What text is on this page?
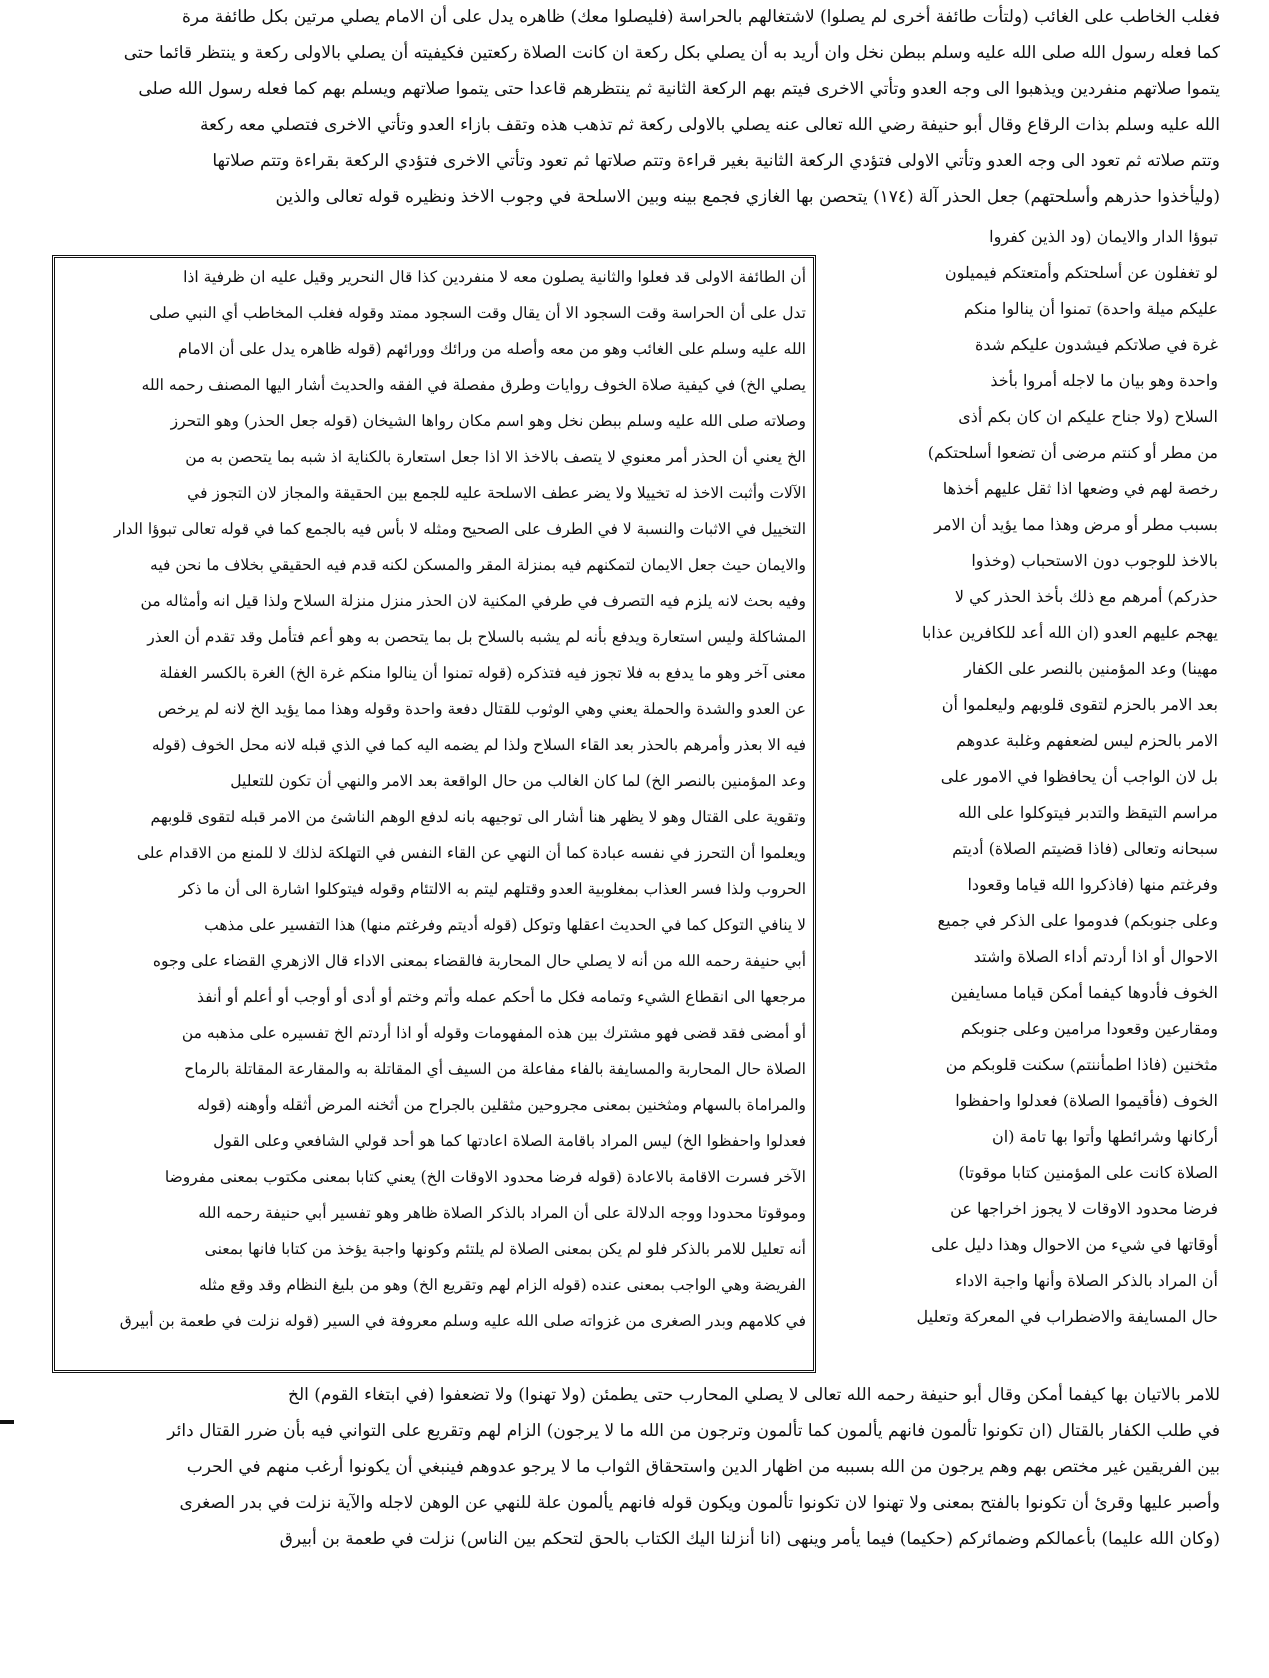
فغلب الخاطب على الغائب (ولتأت طائفة أخرى لم يصلوا) لاشتغالهم بالحراسة (فليصلوا معك) ظاهره يدل على أن الامام يصلي مرتين بكل طائفة مرة
كما فعله رسول الله صلى الله عليه وسلم ببطن نخل وان أريد به أن يصلي بكل ركعة ان كانت الصلاة ركعتين فكيفيته أن يصلي بالاولى ركعة و ينتظر قائما حتى
يتموا صلاتهم منفردين ويذهبوا الى وجه العدو وتأتي الاخرى فيتم بهم الركعة الثانية ثم ينتظرهم قاعدا حتى يتموا صلاتهم ويسلم بهم كما فعله رسول الله صلى
الله عليه وسلم بذات الرقاع وقال أبو حنيفة رضي الله تعالى عنه يصلي بالاولى ركعة ثم تذهب هذه وتقف بازاء العدو وتأتي الاخرى فتصلي معه ركعة
وتتم صلاته ثم تعود الى وجه العدو وتأتي الاولى فتؤدي الركعة الثانية بغير قراءة وتتم صلاتها ثم تعود وتأتي الاخرى فتؤدي الركعة بقراءة وتتم صلاتها
(وليأخذوا حذرهم وأسلحتهم) جعل الحذر آلة (١٧٤) يتحصن بها الغازي فجمع بينه وبين الاسلحة في وجوب الاخذ ونظيره قوله تعالى والذين
تبوؤا الدار والايمان (ود الذين كفروا
لو تغفلون عن أسلحتكم وأمتعتكم فيميلون
عليكم ميلة واحدة) تمنوا أن ينالوا منكم
غرة في صلاتكم فيشدون عليكم شدة
واحدة وهو بيان ما لاجله أمروا بأخذ
السلاح (ولا جناح عليكم ان كان بكم أذى
من مطر أو كنتم مرضى أن تضعوا أسلحتكم)
رخصة لهم في وضعها اذا ثقل عليهم أخذها
بسبب مطر أو مرض وهذا مما يؤيد أن الامر
بالاخذ للوجوب دون الاستحباب (وخذوا
حذركم) أمرهم مع ذلك بأخذ الحذر كي لا
يهجم عليهم العدو (ان الله أعد للكافرين عذابا
مهينا) وعد المؤمنين بالنصر على الكفار
بعد الامر بالحزم لتقوى قلوبهم وليعلموا أن
الامر بالحزم ليس لضعفهم وغلبة عدوهم
بل لان الواجب أن يحافظوا في الامور على
مراسم التيقظ والتدبر فيتوكلوا على الله
سبحانه وتعالى (فاذا قضيتم الصلاة) أديتم
وفرغتم منها (فاذكروا الله قياما وقعودا
وعلى جنوبكم) فدوموا على الذكر في جميع
الاحوال أو اذا أردتم أداء الصلاة واشتد
الخوف فأدوها كيفما أمكن قياما مسايفين
ومقارعين وقعودا مرامين وعلى جنوبكم
مثخنين (فاذا اطمأننتم) سكنت قلوبكم من
الخوف (فأقيموا الصلاة) فعدلوا واحفظوا
أركانها وشرائطها وأتوا بها تامة (ان
الصلاة كانت على المؤمنين كتابا موقوتا)
فرضا محدود الاوقات لا يجوز اخراجها عن
أوقاتها في شيء من الاحوال وهذا دليل على
أن المراد بالذكر الصلاة وأنها واجبة الاداء
حال المسايفة والاضطراب في المعركة وتعليل
أن الطائفة الاولى قد فعلوا والثانية يصلون معه لا منفردين كذا قال النحرير وقيل عليه ان ظرفية اذا
تدل على أن الحراسة وقت السجود الا أن يقال وقت السجود ممتد وقوله فغلب المخاطب أي النبي صلى
الله عليه وسلم على الغائب وهو من معه وأصله من ورائك وورائهم (قوله ظاهره يدل على أن الامام
يصلي الخ) في كيفية صلاة الخوف روايات وطرق مفصلة في الفقه والحديث أشار اليها المصنف رحمه الله
وصلاته صلى الله عليه وسلم ببطن نخل وهو اسم مكان رواها الشيخان (قوله جعل الحذر) وهو التحرز
الخ يعني أن الحذر أمر معنوي لا يتصف بالاخذ الا اذا جعل استعارة بالكناية اذ شبه بما يتحصن به من
الآلات وأثبت الاخذ له تخييلا ولا يضر عطف الاسلحة عليه للجمع بين الحقيقة والمجاز لان التجوز في
التخييل في الاثبات والنسبة لا في الطرف على الصحيح ومثله لا بأس فيه بالجمع كما في قوله تعالى تبوؤا الدار
والايمان حيث جعل الايمان لتمكنهم فيه بمنزلة المقر والمسكن لكنه قدم فيه الحقيقي بخلاف ما نحن فيه
وفيه بحث لانه يلزم فيه التصرف في طرفي المكنية لان الحذر منزل منزلة السلاح ولذا قيل انه وأمثاله من
المشاكلة وليس استعارة ويدفع بأنه لم يشبه بالسلاح بل بما يتحصن به وهو أعم فتأمل وقد تقدم أن العذر
معنى آخر وهو ما يدفع به فلا تجوز فيه فتذكره (قوله تمنوا أن ينالوا منكم غرة الخ) الغرة بالكسر الغفلة
عن العدو والشدة والحملة يعني وهي الوثوب للقتال دفعة واحدة وقوله وهذا مما يؤيد الخ لانه لم يرخص
فيه الا بعذر وأمرهم بالحذر بعد القاء السلاح ولذا لم يضمه اليه كما في الذي قبله لانه محل الخوف (قوله
وعد المؤمنين بالنصر الخ) لما كان الغالب من حال الواقعة بعد الامر والنهي أن تكون للتعليل
وتقوية على القتال وهو لا يظهر هنا أشار الى توجيهه بانه لدفع الوهم الناشئ من الامر قبله لتقوى قلوبهم
ويعلموا أن التحرز في نفسه عبادة كما أن النهي عن القاء النفس في التهلكة لذلك لا للمنع من الاقدام على
الحروب ولذا فسر العذاب بمغلوبية العدو وقتلهم ليتم به الالتئام وقوله فيتوكلوا اشارة الى أن ما ذكر
لا ينافي التوكل كما في الحديث اعقلها وتوكل (قوله أديتم وفرغتم منها) هذا التفسير على مذهب
أبي حنيفة رحمه الله من أنه لا يصلي حال المحاربة فالقضاء بمعنى الاداء قال الازهري القضاء على وجوه
مرجعها الى انقطاع الشيء وتمامه فكل ما أحكم عمله وأتم وختم أو أدى أو أوجب أو أعلم أو أنفذ
أو أمضى فقد قضى فهو مشترك بين هذه المفهومات وقوله أو اذا أردتم الخ تفسيره على مذهبه من
الصلاة حال المحاربة والمسايفة بالفاء مفاعلة من السيف أي المقاتلة به والمقارعة المقاتلة بالرماح
والمراماة بالسهام ومثخنين بمعنى مجروحين مثقلين بالجراح من أثخنه المرض أثقله وأوهنه (قوله
فعدلوا واحفظوا الخ) ليس المراد باقامة الصلاة اعادتها كما هو أحد قولي الشافعي وعلى القول
الآخر فسرت الاقامة بالاعادة (قوله فرضا محدود الاوقات الخ) يعني كتابا بمعنى مكتوب بمعنى مفروضا
وموقوتا محدودا ووجه الدلالة على أن المراد بالذكر الصلاة ظاهر وهو تفسير أبي حنيفة رحمه الله
أنه تعليل للامر بالذكر فلو لم يكن بمعنى الصلاة لم يلتئم وكونها واجبة يؤخذ من كتابا فانها بمعنى
الفريضة وهي الواجب بمعنى عنده (قوله الزام لهم وتقريع الخ) وهو من بليغ النظام وقد وقع مثله
في كلامهم وبدر الصغرى من غزواته صلى الله عليه وسلم معروفة في السير (قوله نزلت في طعمة بن أبيرق
للامر بالاتيان بها كيفما أمكن وقال أبو حنيفة رحمه الله تعالى لا يصلي المحارب حتى يطمئن (ولا تهنوا) ولا تضعفوا (في ابتغاء القوم) الخ
في طلب الكفار بالقتال (ان تكونوا تألمون فانهم يألمون كما تألمون وترجون من الله ما لا يرجون) الزام لهم وتقريع على التواني فيه بأن ضرر القتال دائر
بين الفريقين غير مختص بهم وهم يرجون من الله بسببه من اظهار الدين واستحقاق الثواب ما لا يرجو عدوهم فينبغي أن يكونوا أرغب منهم في الحرب
وأصبر عليها وقرئ أن تكونوا بالفتح بمعنى ولا تهنوا لان تكونوا تألمون ويكون قوله فانهم يألمون علة للنهي عن الوهن لاجله والآية نزلت في بدر الصغرى
(وكان الله عليما) بأعمالكم وضمائركم (حكيما) فيما يأمر وينهى (انا أنزلنا اليك الكتاب بالحق لتحكم بين الناس) نزلت في طعمة بن أبيرق
